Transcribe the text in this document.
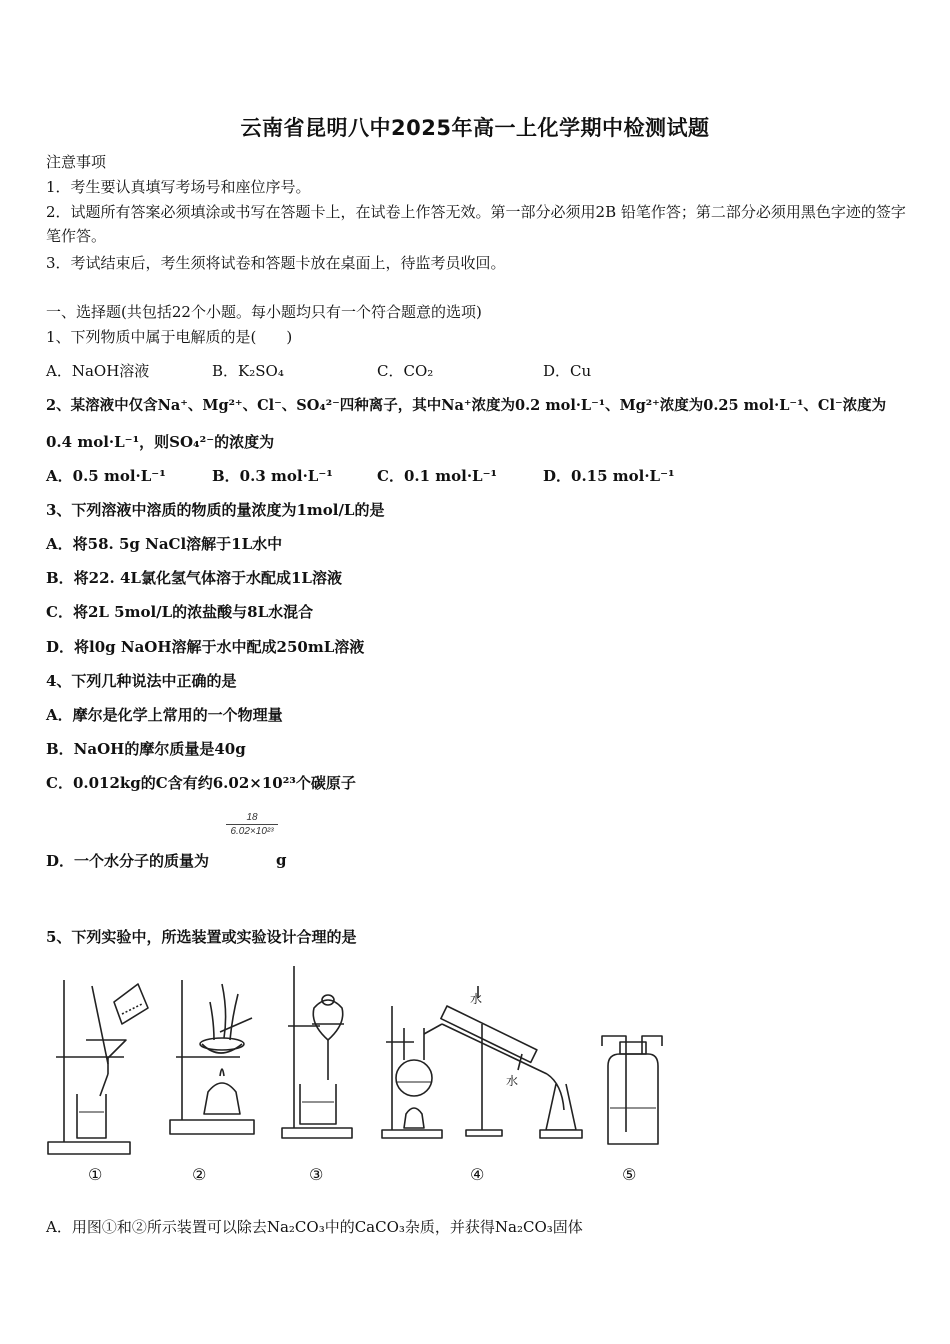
云南省昆明八中2025年高一上化学期中检测试题
注意事项
1．考生要认真填写考场号和座位序号。
2．试题所有答案必须填涂或书写在答题卡上，在试卷上作答无效。第一部分必须用2B 铅笔作答；第二部分必须用黑色字迹的签字笔作答。
3．考试结束后，考生须将试卷和答题卡放在桌面上，待监考员收回。
一、选择题(共包括22个小题。每小题均只有一个符合题意的选项)
1、下列物质中属于电解质的是(　　)
A．NaOH溶液	B．K₂SO₄	C．CO₂	D．Cu
2、某溶液中仅含Na⁺、Mg²⁺、Cl⁻、SO₄²⁻四种离子，其中Na⁺浓度为0.2 mol·L⁻¹、Mg²⁺浓度为0.25 mol·L⁻¹、Cl⁻浓度为
0.4 mol·L⁻¹，则SO₄²⁻的浓度为
A．0.5 mol·L⁻¹	B．0.3 mol·L⁻¹	C．0.1 mol·L⁻¹	D．0.15 mol·L⁻¹
3、下列溶液中溶质的物质的量浓度为1mol/L的是
A．将58. 5g NaCl溶解于1L水中
B．将22. 4L氯化氢气体溶于水配成1L溶液
C．将2L 5mol/L的浓盐酸与8L水混合
D．将l0g NaOH溶解于水中配成250mL溶液
4、下列几种说法中正确的是
A．摩尔是化学上常用的一个物理量
B．NaOH的摩尔质量是40g
C．0.012kg的C含有约6.02×10²³个碳原子
$\frac{18}{\text{6.02×10²³}}$
D．一个水分子的质量为	g
5、下列实验中，所选装置或实验设计合理的是
①	②	③	④	⑤
水
水
A．用图①和②所示装置可以除去Na₂CO₃中的CaCO₃杂质，并获得Na₂CO₃固体
